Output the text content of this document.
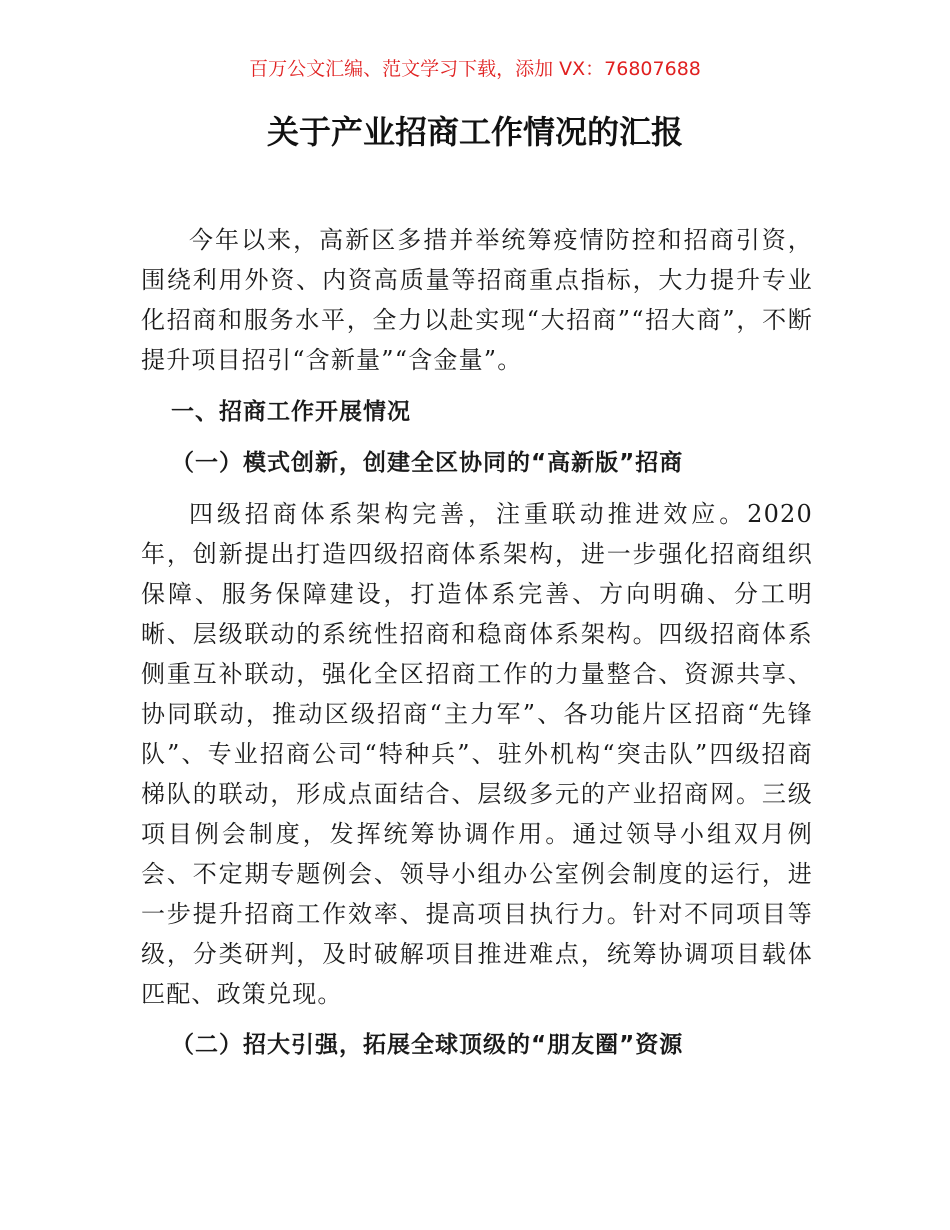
百万公文汇编、范文学习下载，添加 VX：76807688
关于产业招商工作情况的汇报

今年以来，高新区多措并举统筹疫情防控和招商引资，围绕利用外资、内资高质量等招商重点指标，大力提升专业化招商和服务水平，全力以赴实现“大招商”“招大商”，不断提升项目招引“含新量”“含金量”。

一、招商工作开展情况

（一）模式创新，创建全区协同的“高新版”招商

四级招商体系架构完善，注重联动推进效应。2020 年，创新提出打造四级招商体系架构，进一步强化招商组织保障、服务保障建设，打造体系完善、方向明确、分工明晰、层级联动的系统性招商和稳商体系架构。四级招商体系侧重互补联动，强化全区招商工作的力量整合、资源共享、协同联动，推动区级招商“主力军”、各功能片区招商“先锋队”、专业招商公司“特种兵”、驻外机构“突击队”四级招商梯队的联动，形成点面结合、层级多元的产业招商网。三级项目例会制度，发挥统筹协调作用。通过领导小组双月例会、不定期专题例会、领导小组办公室例会制度的运行，进一步提升招商工作效率、提高项目执行力。针对不同项目等级，分类研判，及时破解项目推进难点，统筹协调项目载体匹配、政策兑现。

（二）招大引强，拓展全球顶级的“朋友圈”资源
